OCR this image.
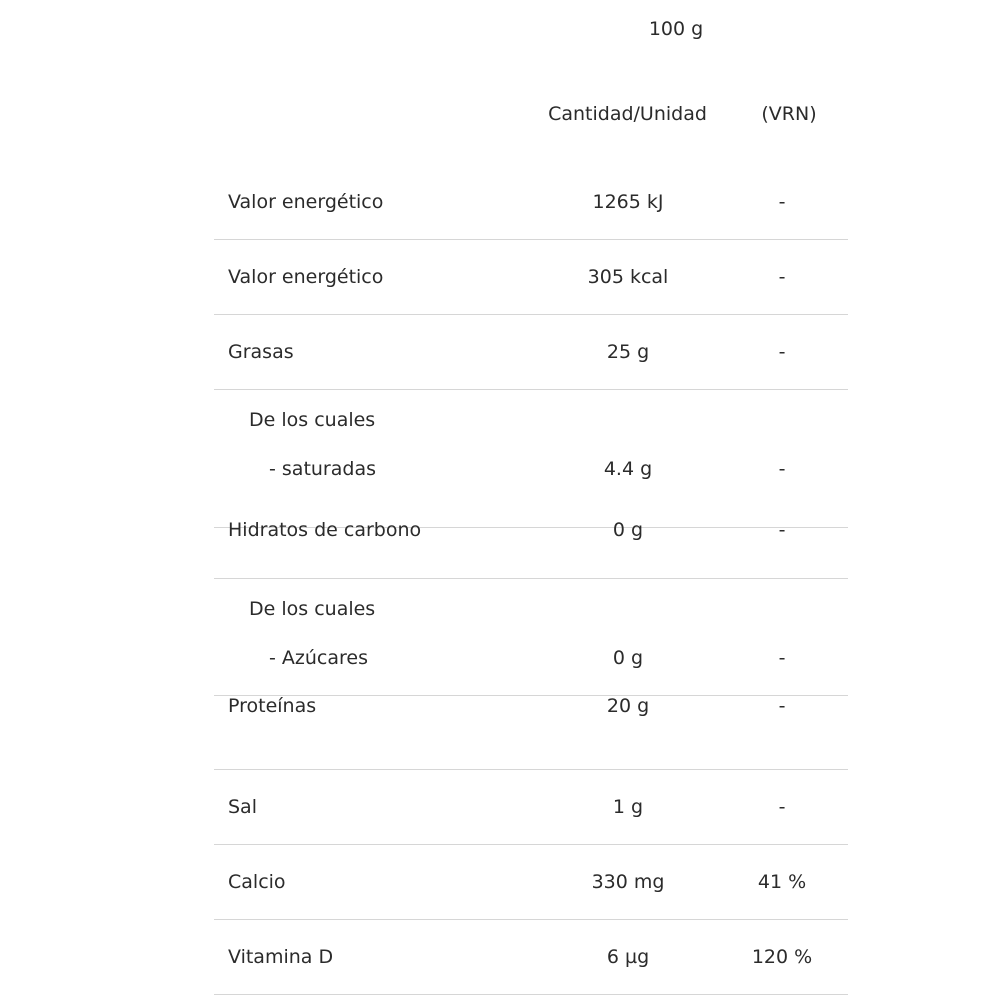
100 g
Cantidad/Unidad	(VRN)
Valor energético	1265 kJ	-
Valor energético	305 kcal	-
Grasas	25 g	-
De los cuales
- saturadas	4.4 g	-
Hidratos de carbono	0 g	-
De los cuales
- Azúcares	0 g	-
Proteínas	20 g	-
Sal	1 g	-
Calcio	330 mg	41 %
Vitamina D	6 µg	120 %
